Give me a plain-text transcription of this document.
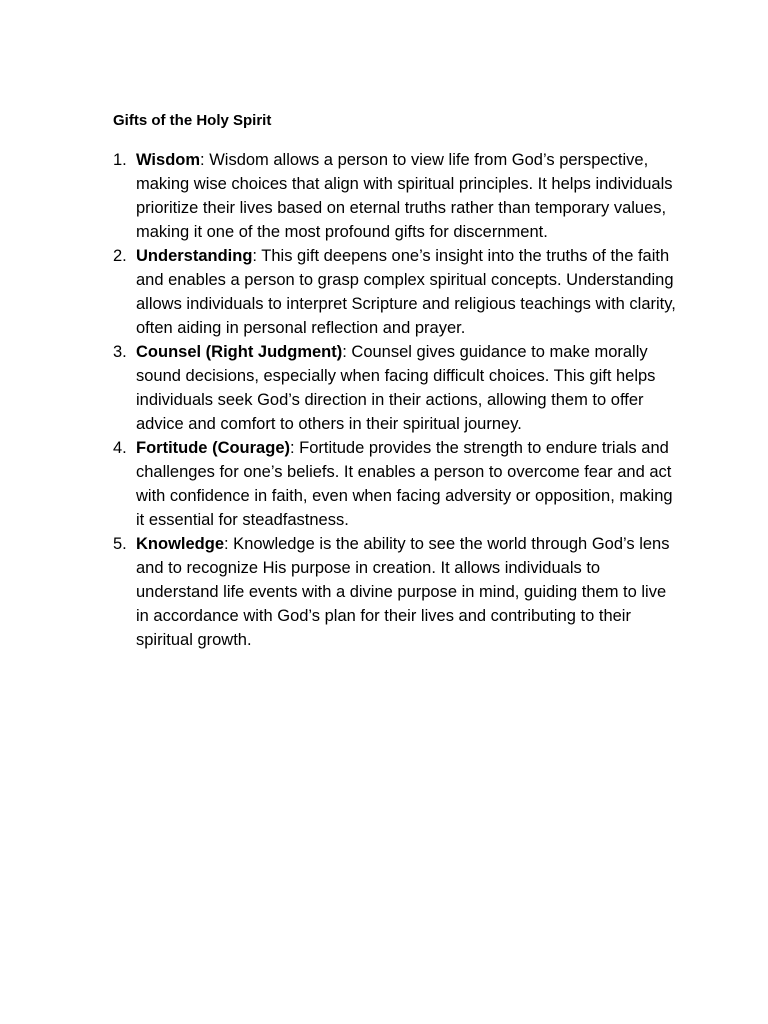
Gifts of the Holy Spirit
1. Wisdom: Wisdom allows a person to view life from God’s perspective, making wise choices that align with spiritual principles. It helps individuals prioritize their lives based on eternal truths rather than temporary values, making it one of the most profound gifts for discernment.
2. Understanding: This gift deepens one’s insight into the truths of the faith and enables a person to grasp complex spiritual concepts. Understanding allows individuals to interpret Scripture and religious teachings with clarity, often aiding in personal reflection and prayer.
3. Counsel (Right Judgment): Counsel gives guidance to make morally sound decisions, especially when facing difficult choices. This gift helps individuals seek God’s direction in their actions, allowing them to offer advice and comfort to others in their spiritual journey.
4. Fortitude (Courage): Fortitude provides the strength to endure trials and challenges for one’s beliefs. It enables a person to overcome fear and act with confidence in faith, even when facing adversity or opposition, making it essential for steadfastness.
5. Knowledge: Knowledge is the ability to see the world through God’s lens and to recognize His purpose in creation. It allows individuals to understand life events with a divine purpose in mind, guiding them to live in accordance with God’s plan for their lives and contributing to their spiritual growth.
